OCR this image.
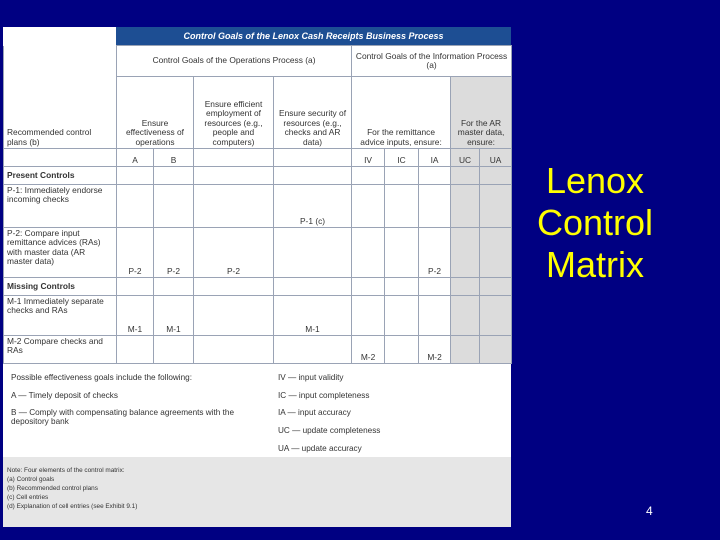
Control Goals of the Lenox Cash Receipts Business Process
Recommended control plans (b)	Control Goals of the Operations Process (a)				Control Goals of the Information Process (a)				
	Ensure effectiveness of operations		Ensure efficient employment of resources (e.g., people and computers)	Ensure security of resources (e.g., checks and AR data)	For the remittance advice inputs, ensure:			For the AR master data, ensure:	
	A	B			IV	IC	IA	UC	UA
Present Controls									
P-1: Immediately endorse incoming checks				P-1 (c)					
P-2: Compare input remittance advices (RAs) with master data (AR master data)	P-2	P-2	P-2				P-2		
Missing Controls									
M-1 Immediately separate checks and RAs	M-1	M-1		M-1					
M-2 Compare checks and RAs					M-2		M-2		
Possible effectiveness goals include the following:
A — Timely deposit of checks
B — Comply with compensating balance agreements with the depository bank
IV — input validity
IC — input completeness
IA — input accuracy
UC — update completeness
UA — update accuracy
Note: Four elements of the control matrix:
(a) Control goals
(b) Recommended control plans
(c) Cell entries
(d) Explanation of cell entries (see Exhibit 9.1)
Lenox
Control
Matrix
4
